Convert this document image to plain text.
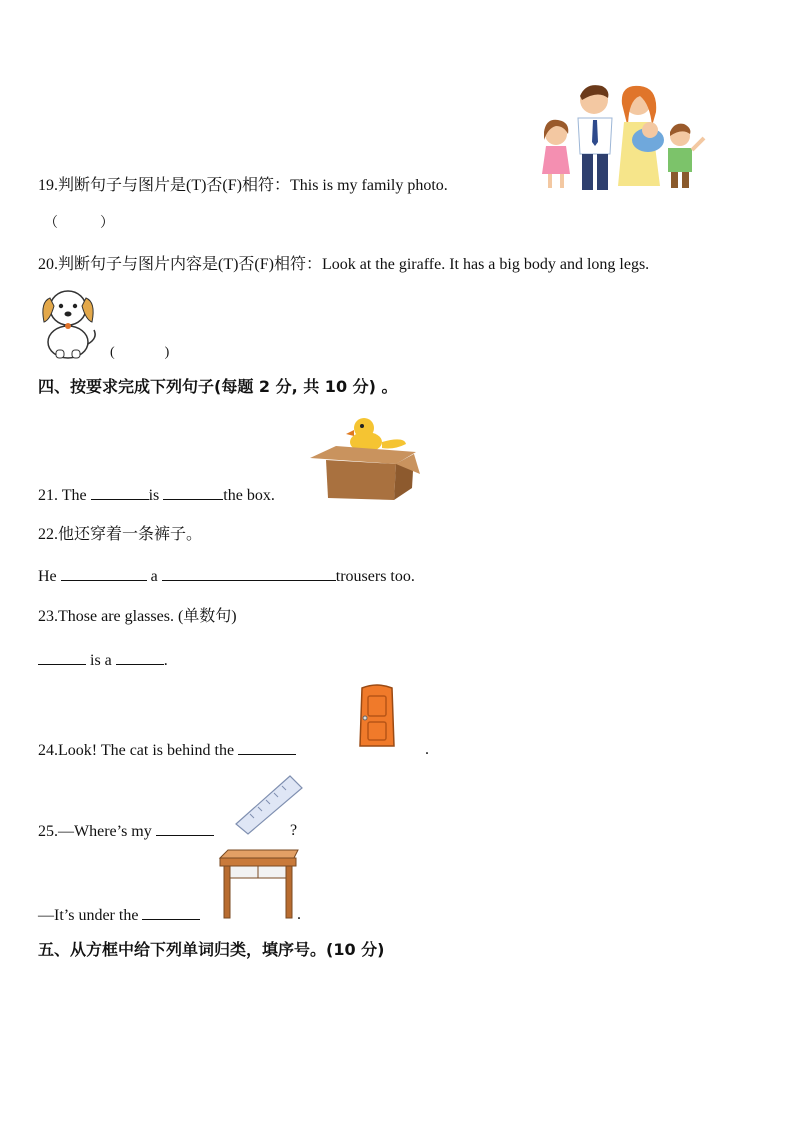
19.判断句子与图片是(T)否(F)相符：This is my family photo.
（	）
20.判断句子与图片内容是(T)否(F)相符：Look at the giraffe. It has a big body and long legs.
(	)
四、按要求完成下列句子(每题 2 分, 共 10 分) 。
21. The	is	the box.
22.他还穿着一条裤子。
He	a	trousers too.
23.Those are glasses. (单数句)
is a	.
24.Look! The cat is behind the	.
25.—Where’s my	?
—It’s under the	.
五、从方框中给下列单词归类，填序号。(10 分)
